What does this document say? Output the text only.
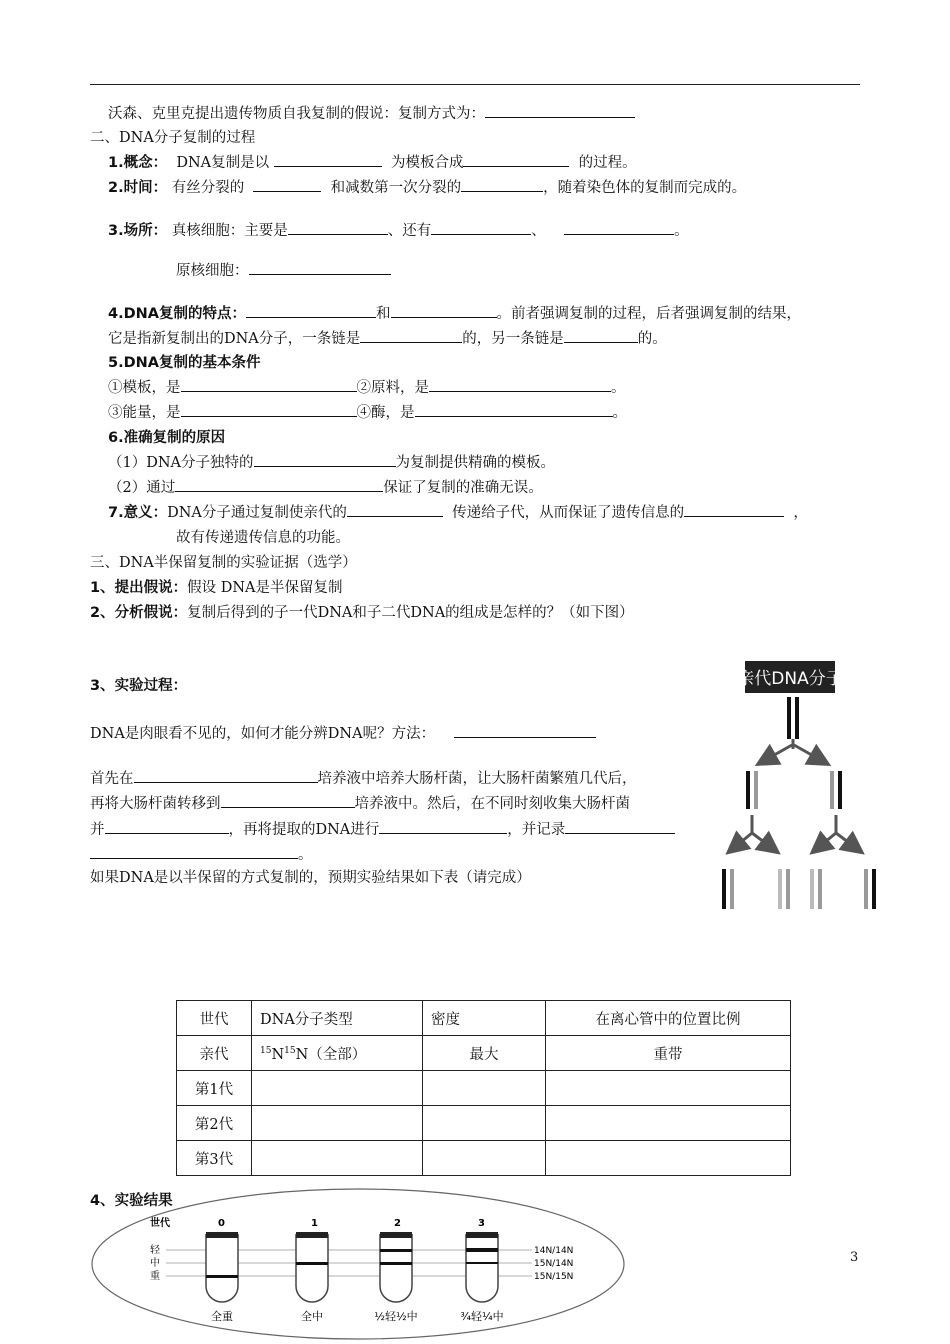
沃森、克里克提出遗传物质自我复制的假说：复制方式为：
二、DNA分子复制的过程
1.概念： DNA复制是以	为模板合成	的过程。
2.时间： 有丝分裂的	和减数第一次分裂的	，随着染色体的复制而完成的。
3.场所： 真核细胞：主要是	、还有	、	。
原核细胞：
4.DNA复制的特点：	和	。前者强调复制的过程，后者强调复制的结果，
它是指新复制出的DNA分子，一条链是	的，另一条链是	的。
5.DNA复制的基本条件
①模板，是	②原料，是	。
③能量，是	④酶，是	。
6.准确复制的原因
（1）DNA分子独特的	为复制提供精确的模板。
（2）通过	保证了复制的准确无误。
7.意义：DNA分子通过复制使亲代的	传递给子代，从而保证了遗传信息的	，
故有传递遗传信息的功能。
三、DNA半保留复制的实验证据（选学）
1、提出假说：假设 DNA是半保留复制
2、分析假说：复制后得到的子一代DNA和子二代DNA的组成是怎样的？（如下图）
3、实验过程：
DNA是肉眼看不见的，如何才能分辨DNA呢？方法：
首先在	培养液中培养大肠杆菌，让大肠杆菌繁殖几代后，
再将大肠杆菌转移到	培养液中。然后，在不同时刻收集大肠杆菌
并	，再将提取的DNA进行	，并记录
。
如果DNA是以半保留的方式复制的，预期实验结果如下表（请完成）
亲代DNA分子
世代	DNA分子类型	密度	在离心管中的位置比例
亲代	$^{15}N^{15}N$（全部）	最大	重带
第1代			
第2代			
第3代			
4、实验结果
世代	0	1	2	3
轻
中
重
14N/14N
15N/14N
15N/15N
全重	全中	½轻½中	¾轻¼中
3
